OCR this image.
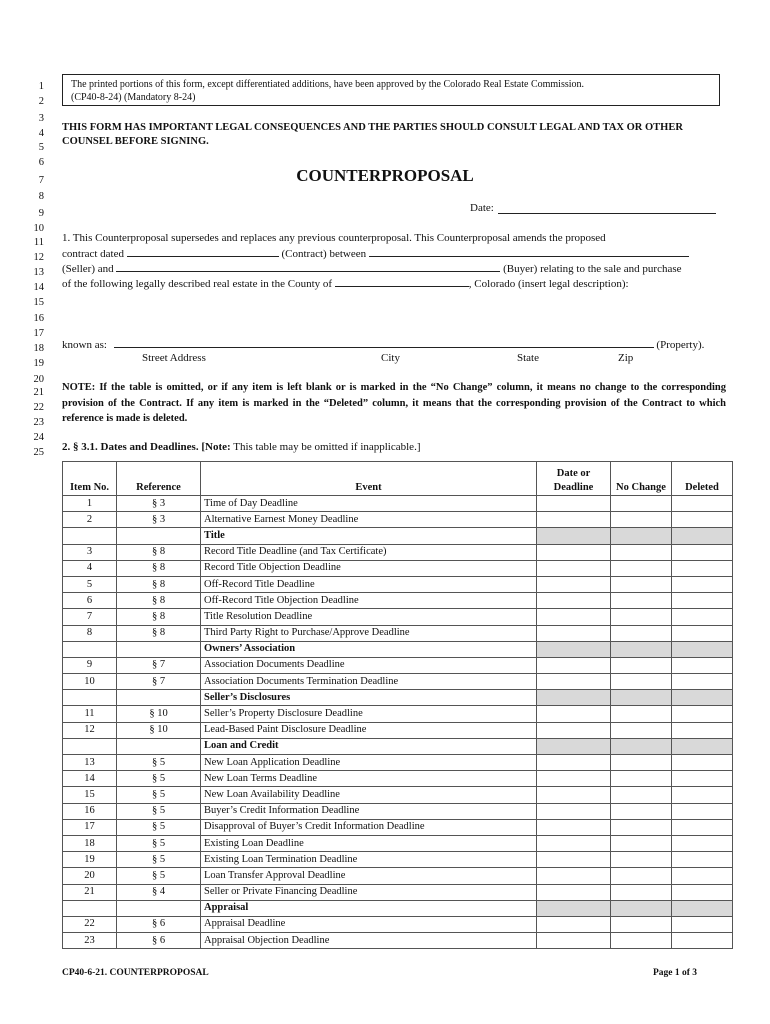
1
2
3
4
5
6
7
8
9
10
11
12
13
14
15
16
17
18
19
20
21
22
23
24
25
The printed portions of this form, except differentiated additions, have been approved by the Colorado Real Estate Commission.
(CP40-8-24) (Mandatory 8-24)
THIS FORM HAS IMPORTANT LEGAL CONSEQUENCES AND THE PARTIES SHOULD CONSULT LEGAL AND TAX OR OTHER COUNSEL BEFORE SIGNING.
COUNTERPROPOSAL
Date:
1. This Counterproposal supersedes and replaces any previous counterproposal. This Counterproposal amends the proposed
contract dated	(Contract) between
(Seller) and	(Buyer) relating to the sale and purchase
of the following legally described real estate in the County of	, Colorado (insert legal description):
known as:	(Property).
Street Address	City	State	Zip
NOTE: If the table is omitted, or if any item is left blank or is marked in the “No Change” column, it means no change to the corresponding provision of the Contract. If any item is marked in the “Deleted” column, it means that the corresponding provision of the Contract to which reference is made is deleted.
2. § 3.1. Dates and Deadlines. [Note: This table may be omitted if inapplicable.]
Item No.	Reference	Event	Date or Deadline	No Change	Deleted
1	§ 3	Time of Day Deadline			
2	§ 3	Alternative Earnest Money Deadline			
		Title			
3	§ 8	Record Title Deadline (and Tax Certificate)			
4	§ 8	Record Title Objection Deadline			
5	§ 8	Off-Record Title Deadline			
6	§ 8	Off-Record Title Objection Deadline			
7	§ 8	Title Resolution Deadline			
8	§ 8	Third Party Right to Purchase/Approve Deadline			
		Owners’ Association			
9	§ 7	Association Documents Deadline			
10	§ 7	Association Documents Termination Deadline			
		Seller’s Disclosures			
11	§ 10	Seller’s Property Disclosure Deadline			
12	§ 10	Lead-Based Paint Disclosure Deadline			
		Loan and Credit			
13	§ 5	New Loan Application Deadline			
14	§ 5	New Loan Terms Deadline			
15	§ 5	New Loan Availability Deadline			
16	§ 5	Buyer’s Credit Information Deadline			
17	§ 5	Disapproval of Buyer’s Credit Information Deadline			
18	§ 5	Existing Loan Deadline			
19	§ 5	Existing Loan Termination Deadline			
20	§ 5	Loan Transfer Approval Deadline			
21	§ 4	Seller or Private Financing Deadline			
		Appraisal			
22	§ 6	Appraisal Deadline			
23	§ 6	Appraisal Objection Deadline			
CP40-6-21. COUNTERPROPOSAL	Page 1 of 3
